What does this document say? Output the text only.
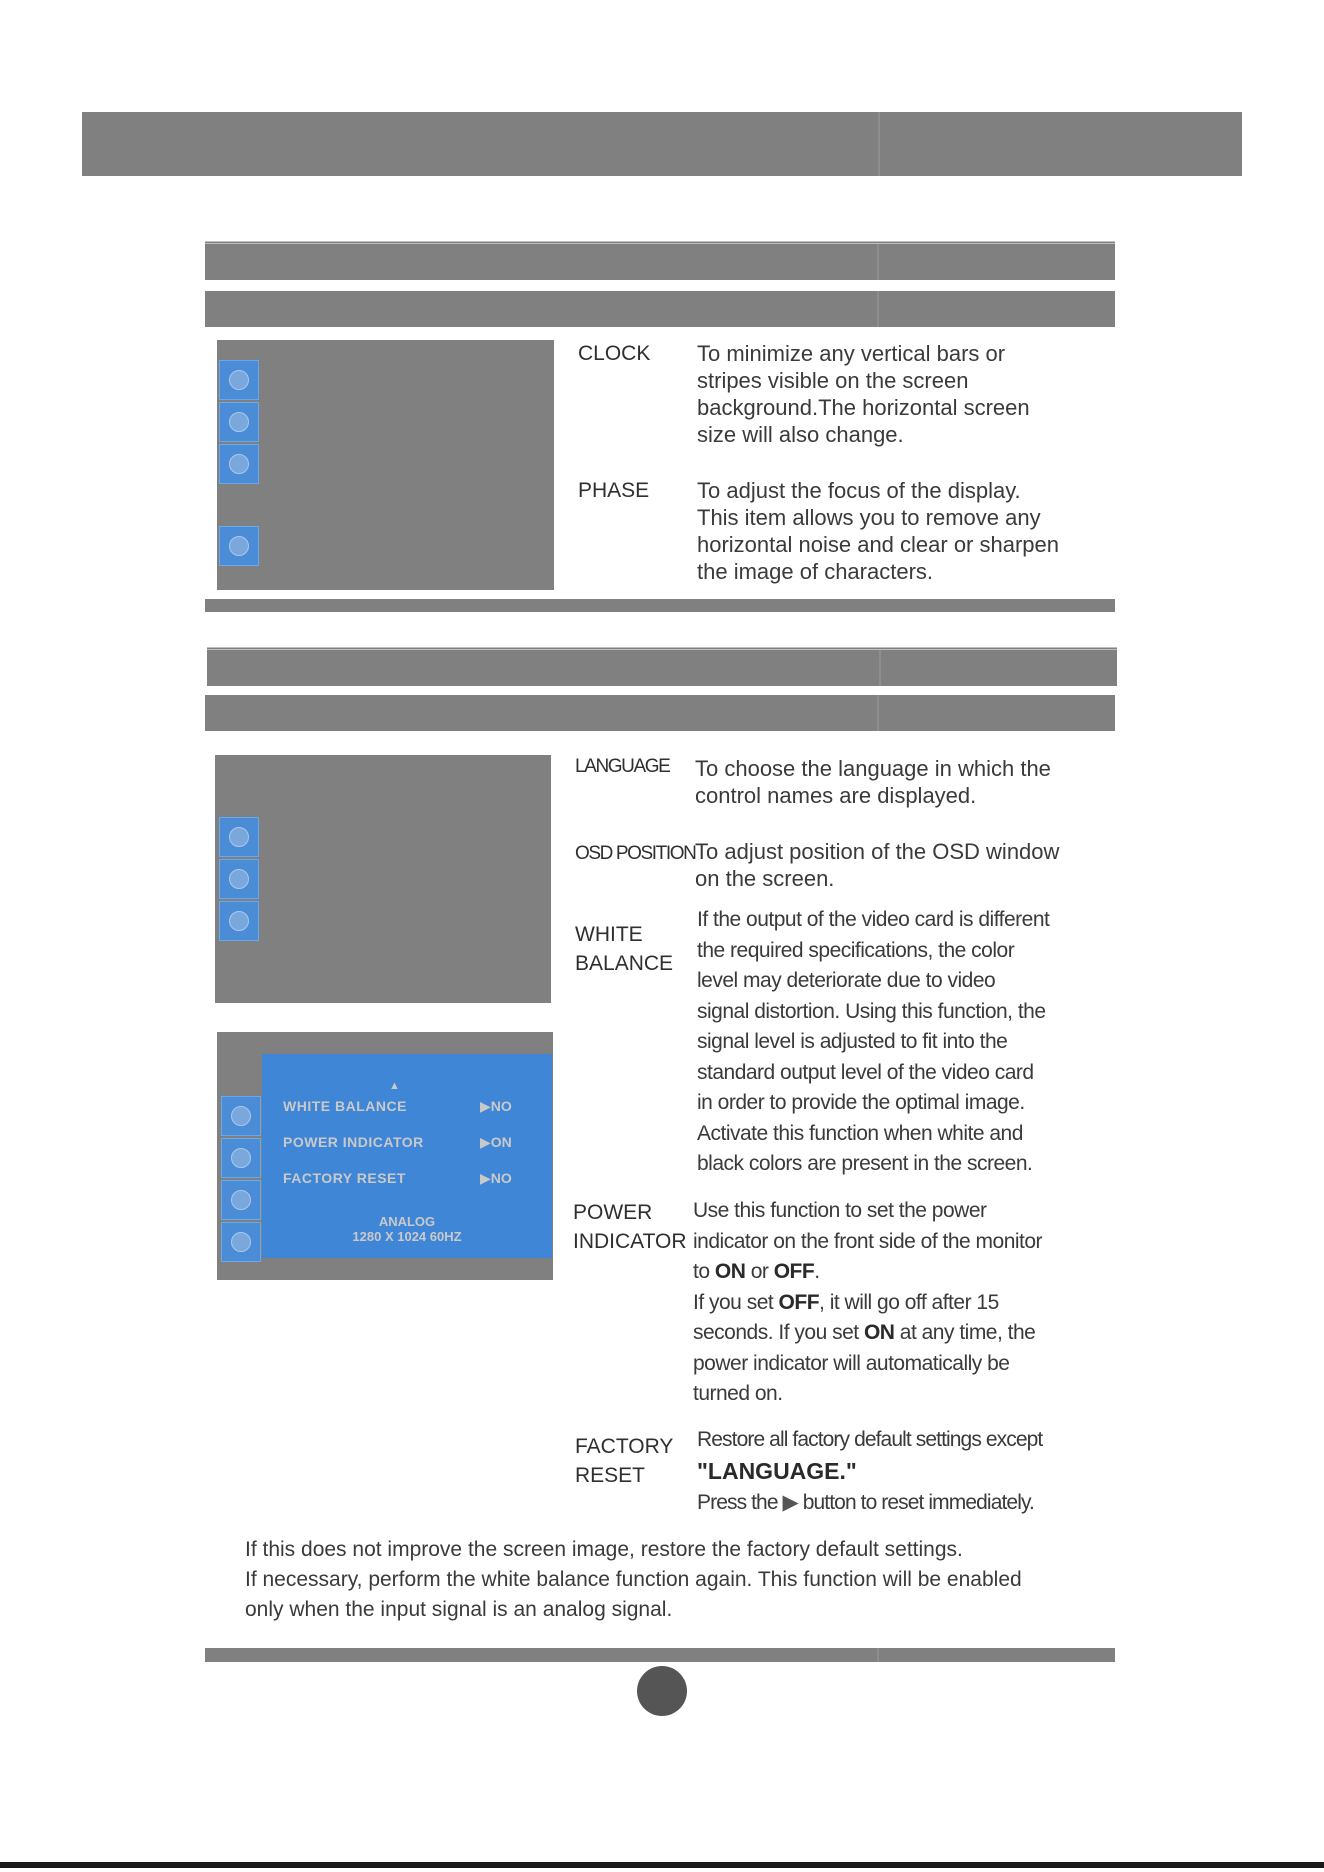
CLOCK To minimize any vertical bars or
stripes visible on the screen
background.The horizontal screen
size will also change.
PHASE To adjust the focus of the display.
This item allows you to remove any
horizontal noise and clear or sharpen
the image of characters.
▲
WHITE BALANCE	▶NO
POWER INDICATOR	▶ON
FACTORY RESET	▶NO
ANALOG
1280 X 1024 60HZ
LANGUAGE To choose the language in which the
control names are displayed.
OSD POSITION To adjust position of the OSD window
on the screen.
WHITE
BALANCE
If the output of the video card is different
the required specifications, the color
level may deteriorate due to video
signal distortion. Using this function, the
signal level is adjusted to fit into the
standard output level of the video card
in order to provide the optimal image.
Activate this function when white and
black colors are present in the screen.
POWER
INDICATOR
Use this function to set the power
indicator on the front side of the monitor
to ON or OFF.
If you set OFF, it will go off after 15
seconds. If you set ON at any time, the
power indicator will automatically be
turned on.
FACTORY
RESET
Restore all factory default settings except
"LANGUAGE."
Press the ▶ button to reset immediately.
If this does not improve the screen image, restore the factory default settings.
If necessary, perform the white balance function again. This function will be enabled
only when the input signal is an analog signal.
